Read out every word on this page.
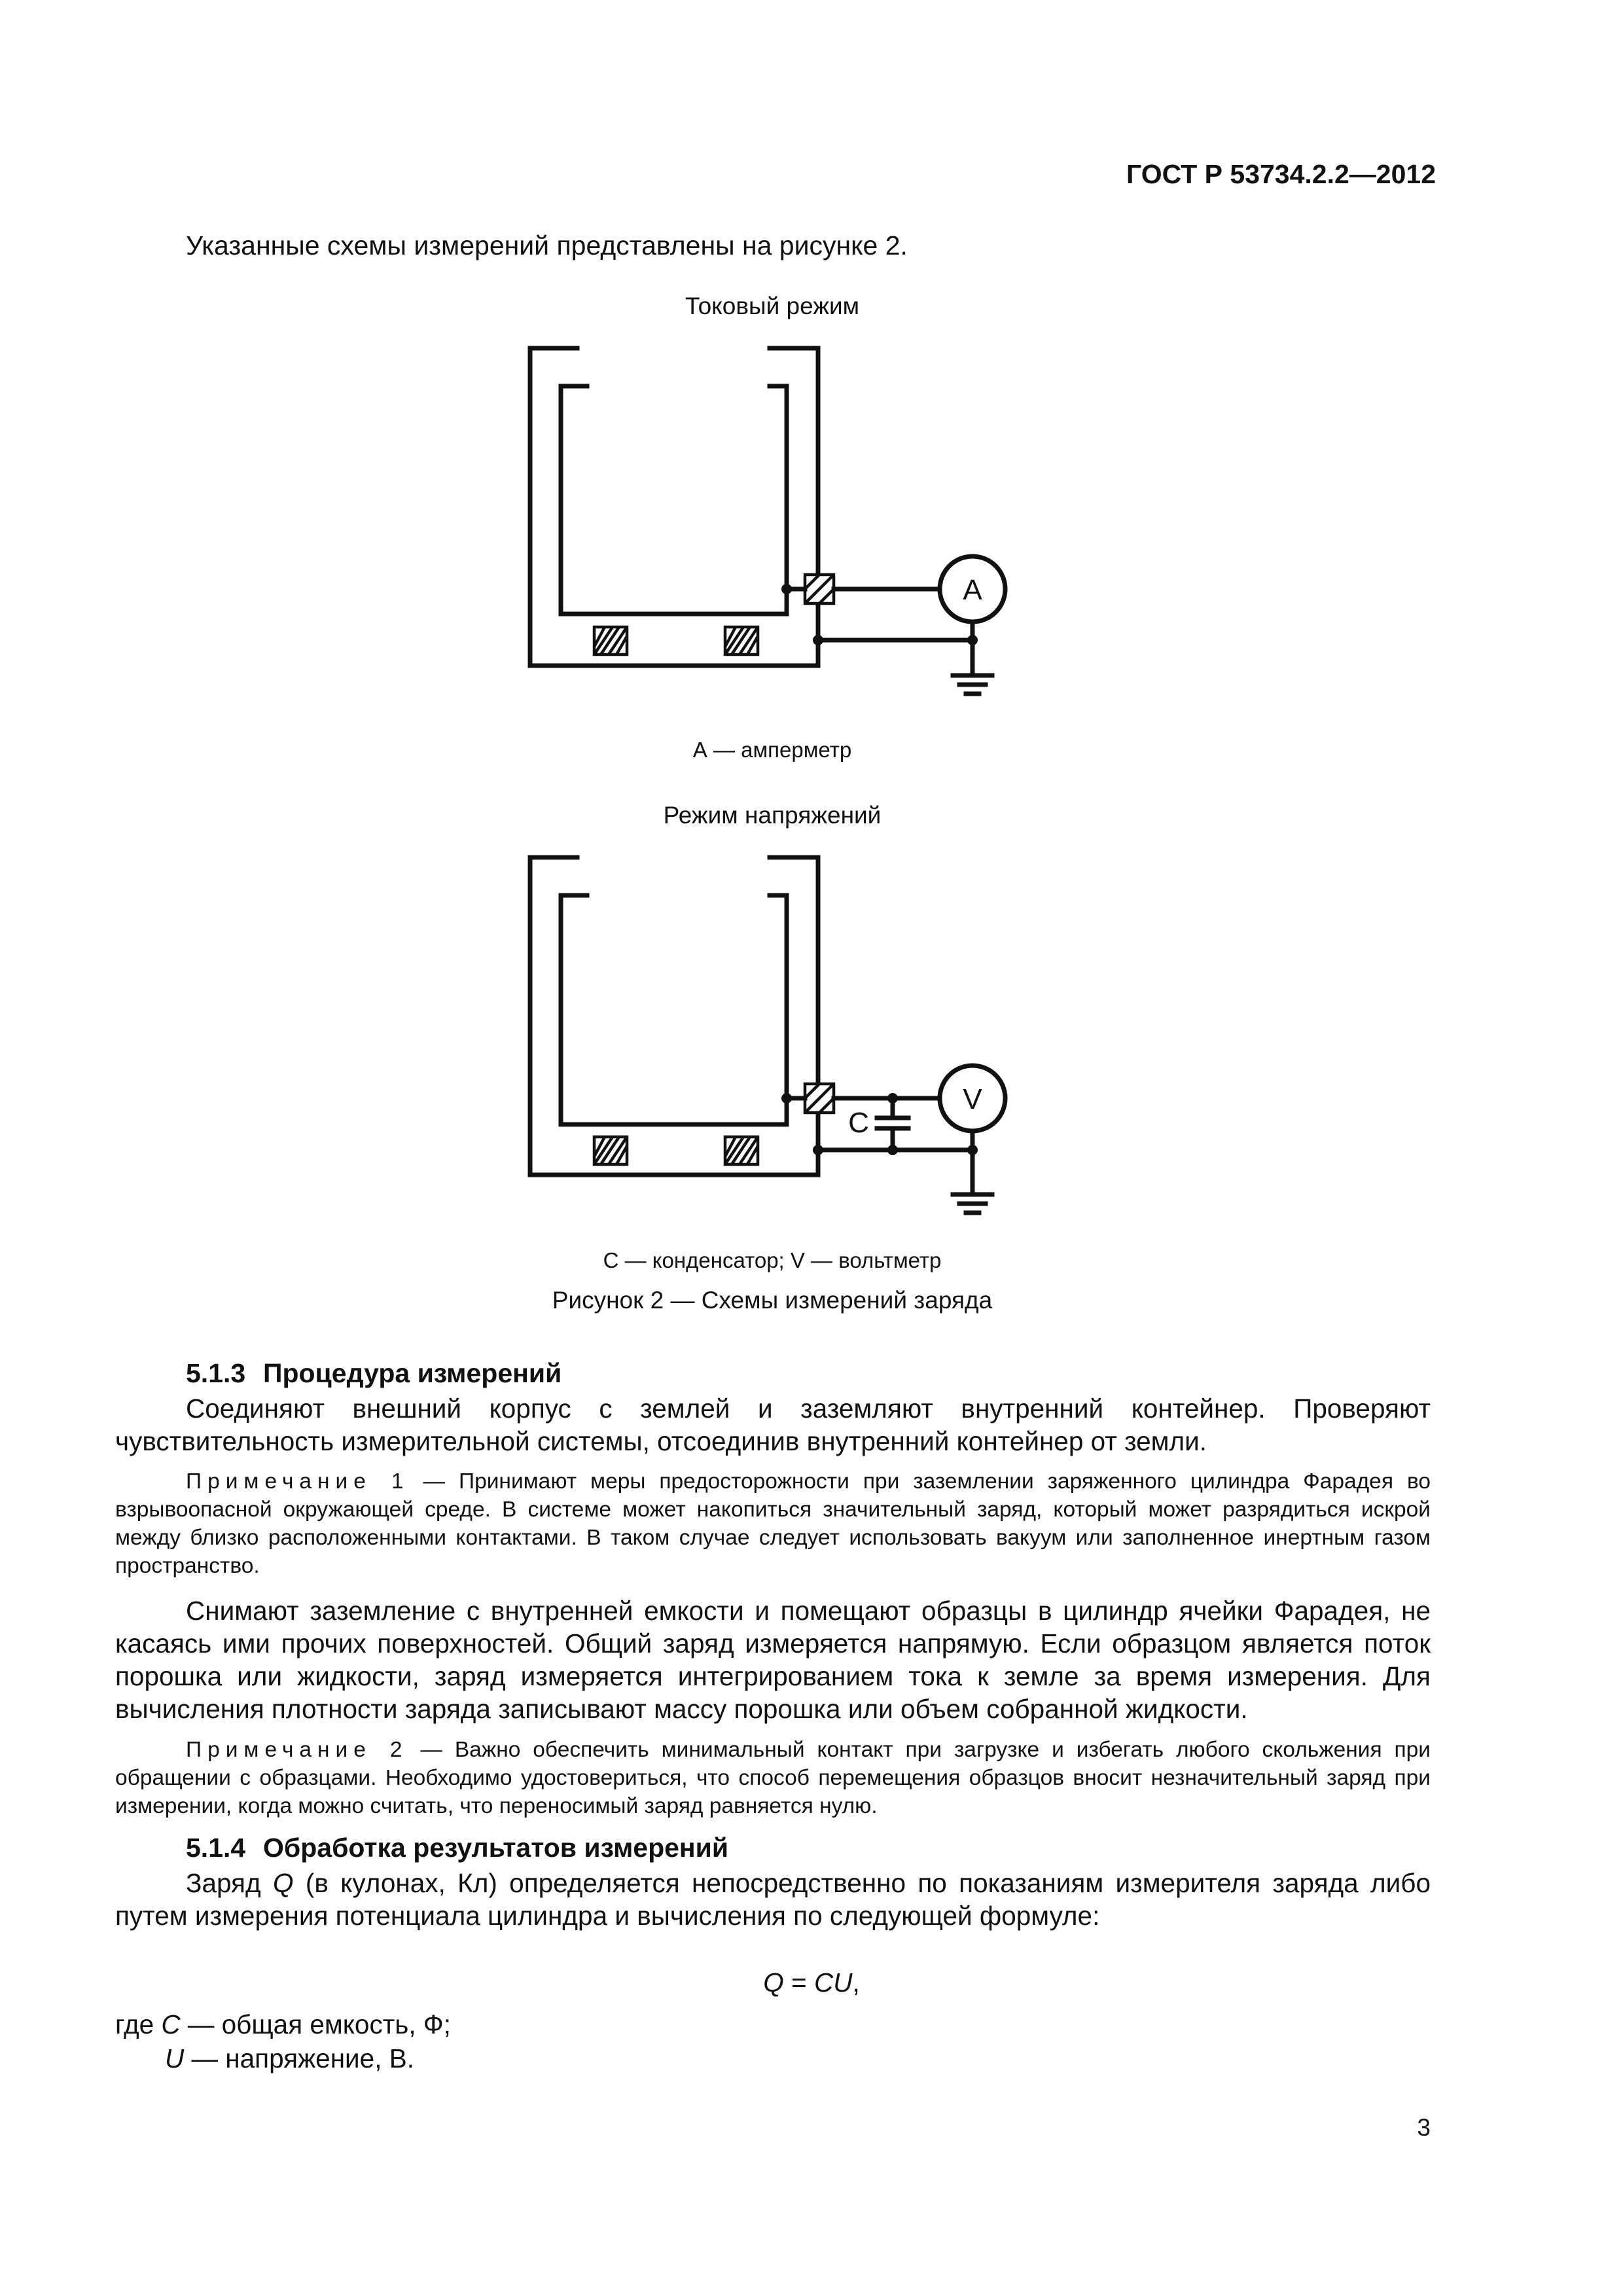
ГОСТ Р 53734.2.2—2012

Указанные схемы измерений представлены на рисунке 2.

Токовый режим
A
А — амперметр
Режим напряжений
C
V
С — конденсатор; V — вольтметр
Рисунок 2 — Схемы измерений заряда
5.1.3 Процедура измерений

Соединяют внешний корпус с землей и заземляют внутренний контейнер. Проверяют чувствительность измерительной системы, отсоединив внутренний контейнер от земли.

Примечание 1 — Принимают меры предосторожности при заземлении заряженного цилиндра Фарадея во взрывоопасной окружающей среде. В системе может накопиться значительный заряд, который может разрядиться искрой между близко расположенными контактами. В таком случае следует использовать вакуум или заполненное инертным газом пространство.

Снимают заземление с внутренней емкости и помещают образцы в цилиндр ячейки Фарадея, не касаясь ими прочих поверхностей. Общий заряд измеряется напрямую. Если образцом является поток порошка или жидкости, заряд измеряется интегрированием тока к земле за время измерения. Для вычисления плотности заряда записывают массу порошка или объем собранной жидкости.

Примечание 2 — Важно обеспечить минимальный контакт при загрузке и избегать любого скольжения при обращении с образцами. Необходимо удостовериться, что способ перемещения образцов вносит незначительный заряд при измерении, когда можно считать, что переносимый заряд равняется нулю.

5.1.4 Обработка результатов измерений

Заряд Q (в кулонах, Кл) определяется непосредственно по показаниям измерителя заряда либо путем измерения потенциала цилиндра и вычисления по следующей формуле:

Q = CU,
где C — общая емкость, Ф;
U — напряжение, В.
3
